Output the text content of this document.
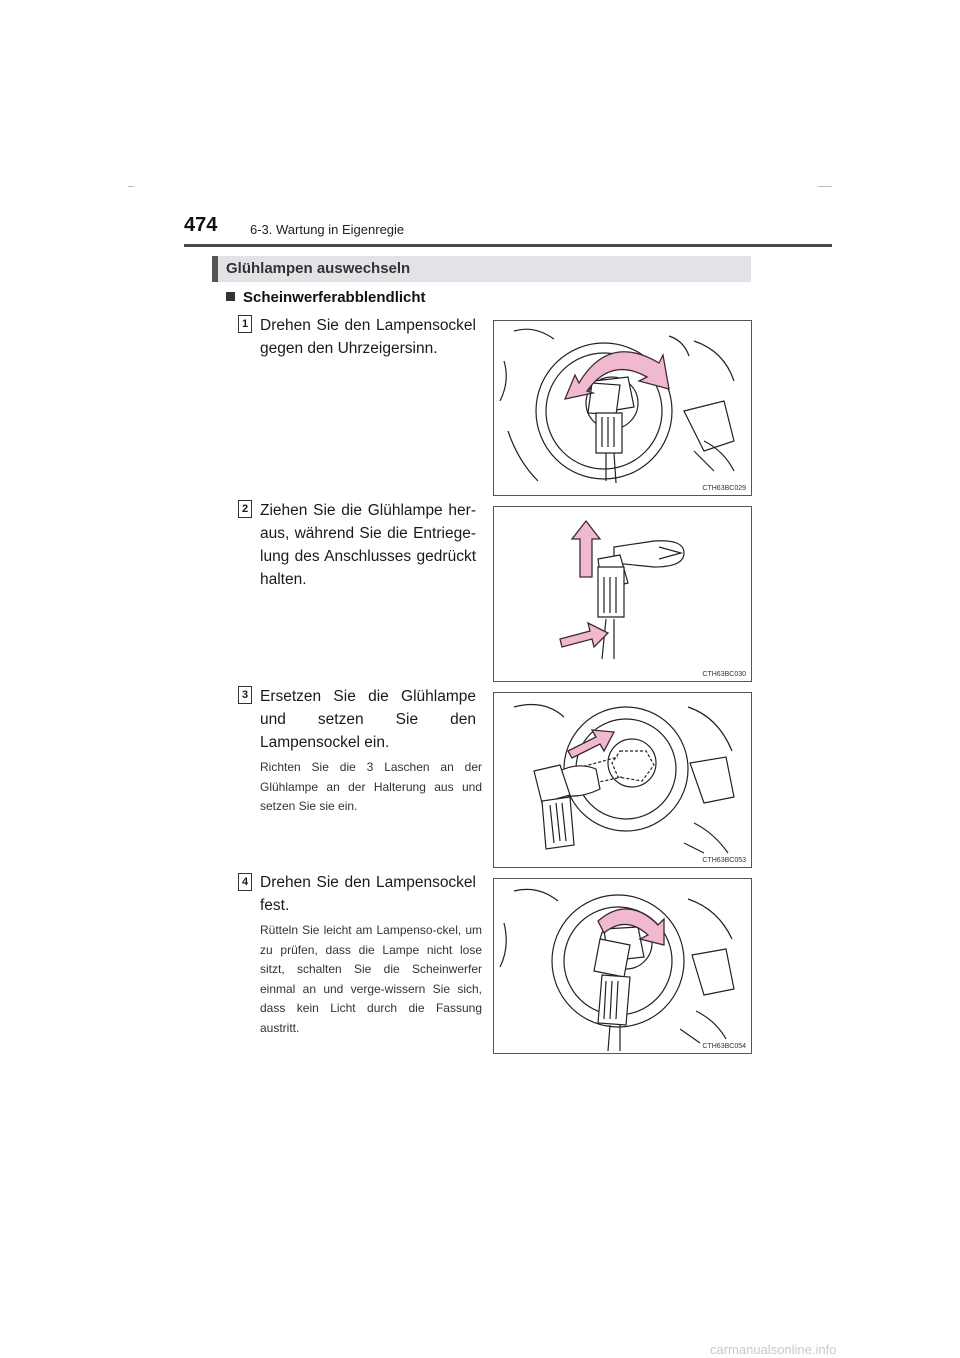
474	6-3. Wartung in Eigenregie
Glühlampen auswechseln
Scheinwerferabblendlicht
1 Drehen Sie den Lampensockel gegen den Uhrzeigersinn.
CTH63BC029
2 Ziehen Sie die Glühlampe her-aus, während Sie die Entriege-lung des Anschlusses gedrückt halten.
CTH63BC030
3 Ersetzen Sie die Glühlampe und setzen Sie den Lampensockel ein.
Richten Sie die 3 Laschen an der Glühlampe an der Halterung aus und setzen Sie sie ein.
CTH63BC053
4 Drehen Sie den Lampensockel fest.
Rütteln Sie leicht am Lampenso-ckel, um zu prüfen, dass die Lampe nicht lose sitzt, schalten Sie die Scheinwerfer einmal an und verge-wissern Sie sich, dass kein Licht durch die Fassung austritt.
CTH63BC054
carmanualsonline.info
